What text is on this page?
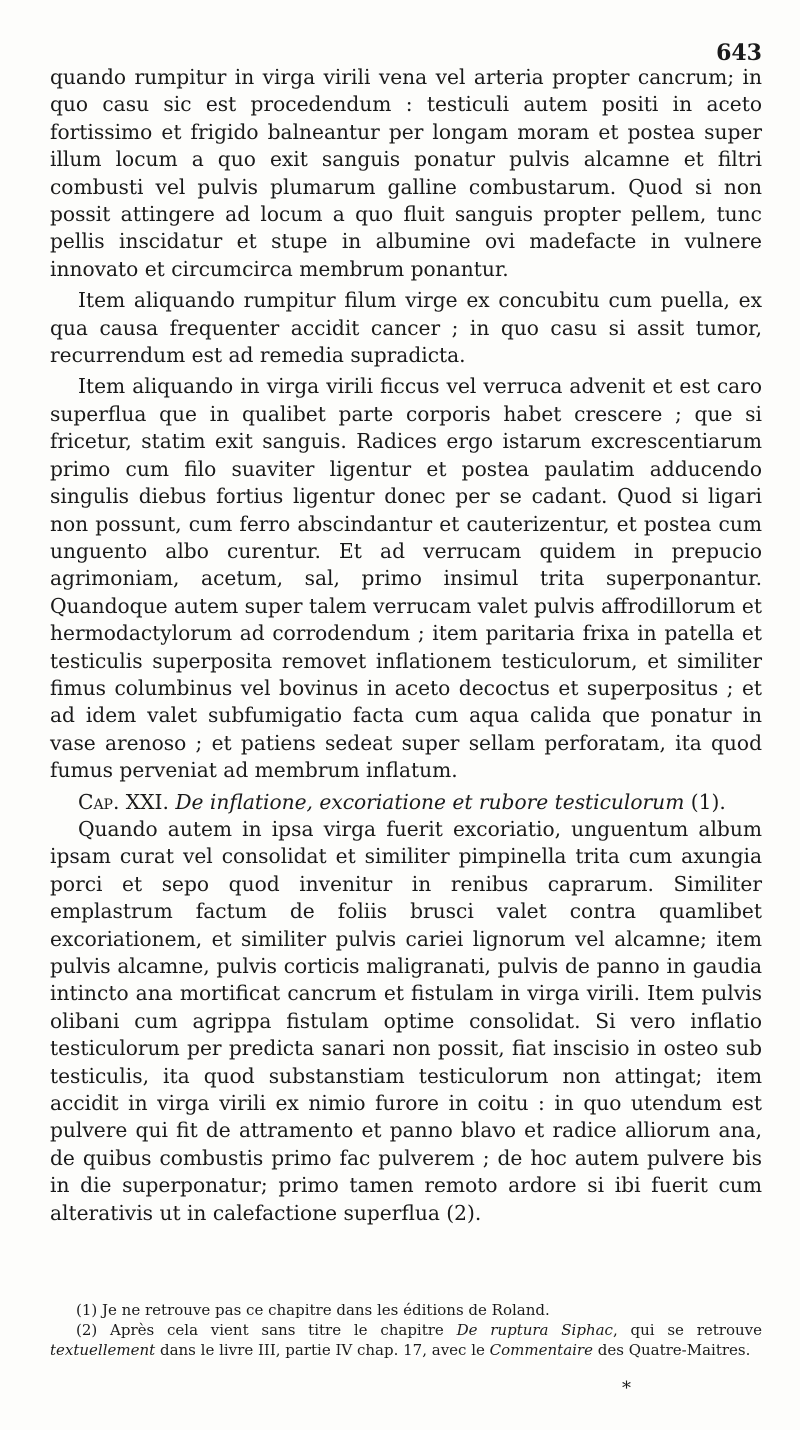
643

quando rumpitur in virga virili vena vel arteria propter cancrum; in quo casu sic est procedendum : testiculi autem positi in aceto fortissimo et frigido balneantur per longam moram et postea super illum locum a quo exit sanguis ponatur pulvis alcamne et filtri combusti vel pulvis plumarum galline combustarum. Quod si non possit attingere ad locum a quo fluit sanguis propter pellem, tunc pellis inscidatur et stupe in albumine ovi madefacte in vulnere innovato et circumcirca membrum ponantur.

Item aliquando rumpitur filum virge ex concubitu cum puella, ex qua causa frequenter accidit cancer ; in quo casu si assit tumor, recurrendum est ad remedia supradicta.

Item aliquando in virga virili ficcus vel verruca advenit et est caro superflua que in qualibet parte corporis habet crescere ; que si fricetur, statim exit sanguis. Radices ergo istarum excrescentiarum primo cum filo suaviter ligentur et postea paulatim adducendo singulis diebus fortius ligentur donec per se cadant. Quod si ligari non possunt, cum ferro abscindantur et cauterizentur, et postea cum unguento albo curentur. Et ad verrucam quidem in prepucio agrimoniam, acetum, sal, primo insimul trita superponantur. Quandoque autem super talem verrucam valet pulvis affrodillorum et hermodactylorum ad corrodendum ; item paritaria frixa in patella et testiculis superposita removet inflationem testiculorum, et similiter fimus columbinus vel bovinus in aceto decoctus et superpositus ; et ad idem valet subfumigatio facta cum aqua calida que ponatur in vase arenoso ; et patiens sedeat super sellam perforatam, ita quod fumus perveniat ad membrum inflatum.

Cap. XXI. De inflatione, excoriatione et rubore testiculorum (1).

Quando autem in ipsa virga fuerit excoriatio, unguentum album ipsam curat vel consolidat et similiter pimpinella trita cum axungia porci et sepo quod invenitur in renibus caprarum. Similiter emplastrum factum de foliis brusci valet contra quamlibet excoriationem, et similiter pulvis cariei lignorum vel alcamne; item pulvis alcamne, pulvis corticis maligranati, pulvis de panno in gaudia intincto ana mortificat cancrum et fistulam in virga virili. Item pulvis olibani cum agrippa fistulam optime consolidat. Si vero inflatio testiculorum per predicta sanari non possit, fiat inscisio in osteo sub testiculis, ita quod substanstiam testiculorum non attingat; item accidit in virga virili ex nimio furore in coitu : in quo utendum est pulvere qui fit de attramento et panno blavo et radice alliorum ana, de quibus combustis primo fac pulverem ; de hoc autem pulvere bis in die superponatur; primo tamen remoto ardore si ibi fuerit cum alterativis ut in calefactione superflua (2).

(1) Je ne retrouve pas ce chapitre dans les éditions de Roland.

(2) Après cela vient sans titre le chapitre De ruptura Siphac, qui se retrouve textuellement dans le livre III, partie IV chap. 17, avec le Commentaire des Quatre-Maitres.

*
